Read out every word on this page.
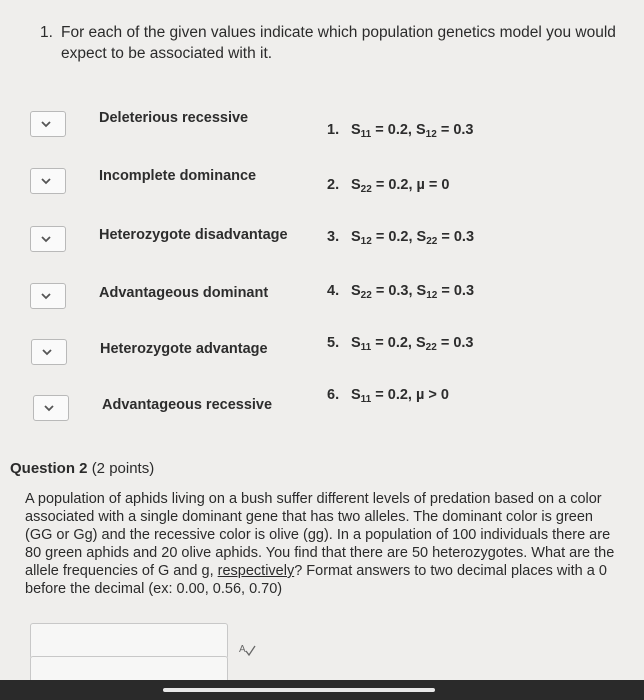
1. For each of the given values indicate which population genetics model you would expect to be associated with it.
Deleterious recessive
Incomplete dominance
Heterozygote disadvantage
Advantageous dominant
Heterozygote advantage
Advantageous recessive
1. $S_{11} = 0.2$, $S_{12} = 0.3$
2. $S_{22} = 0.2$, µ = 0
3. $S_{12} = 0.2$, $S_{22} = 0.3$
4. $S_{22} = 0.3$, $S_{12} = 0.3$
5. $S_{11} = 0.2$, $S_{22} = 0.3$
6. $S_{11} = 0.2$, µ > 0
Question 2 (2 points)
A population of aphids living on a bush suffer different levels of predation based on a color associated with a single dominant gene that has two alleles. The dominant color is green (GG or Gg) and the recessive color is olive (gg). In a population of 100 individuals there are 80 green aphids and 20 olive aphids. You find that there are 50 heterozygotes. What are the allele frequencies of G and g, respectively? Format answers to two decimal places with a 0 before the decimal (ex: 0.00, 0.56, 0.70)
A
